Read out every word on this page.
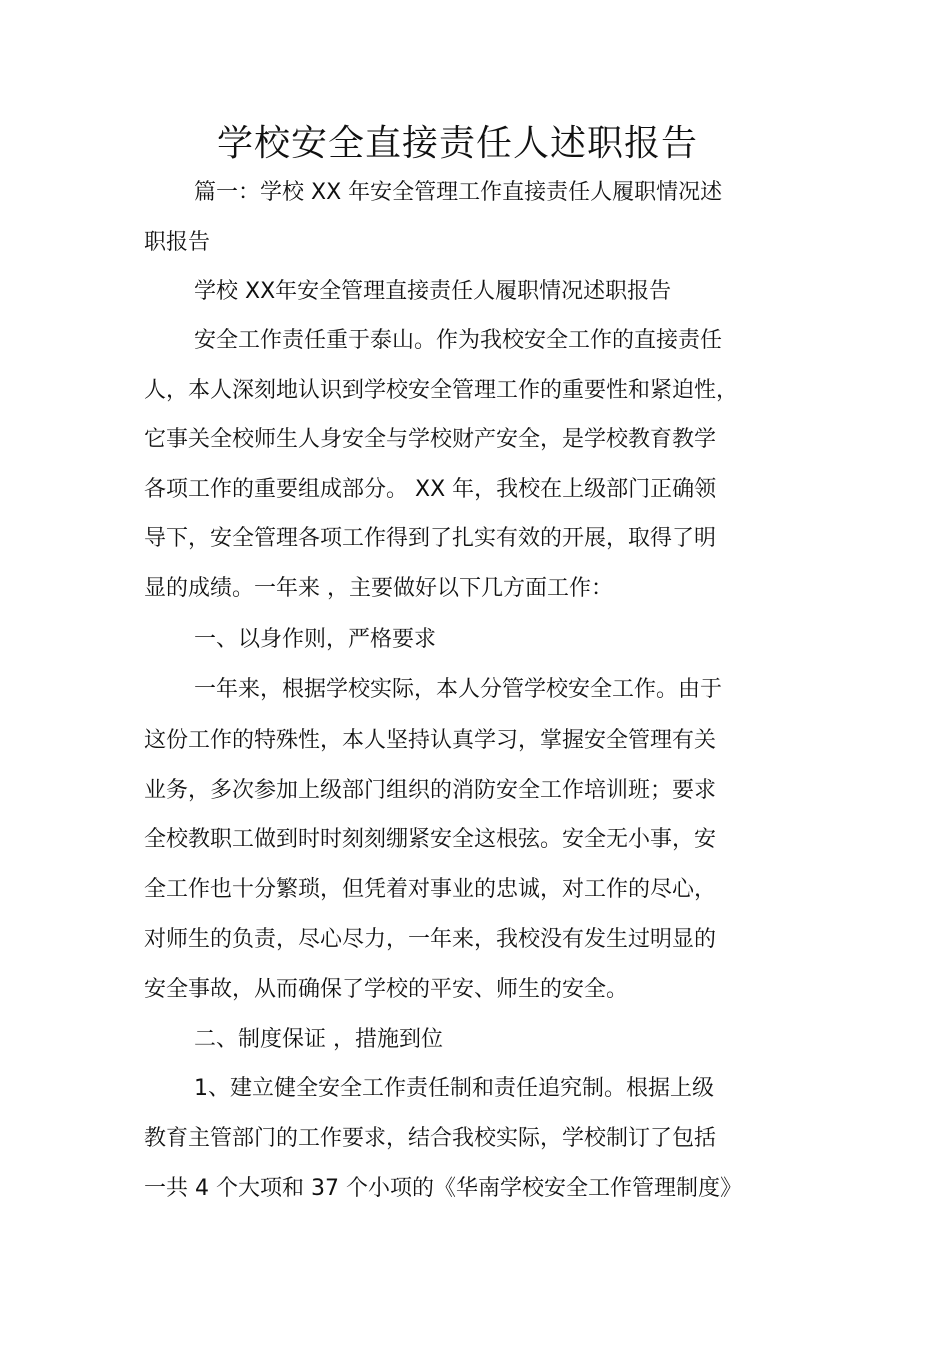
学校安全直接责任人述职报告
篇一：学校 XX 年安全管理工作直接责任人履职情况述
职报告
学校 XX年安全管理直接责任人履职情况述职报告
安全工作责任重于泰山。作为我校安全工作的直接责任
人，本人深刻地认识到学校安全管理工作的重要性和紧迫性，
它事关全校师生人身安全与学校财产安全，是学校教育教学
各项工作的重要组成部分。 XX 年，我校在上级部门正确领
导下，安全管理各项工作得到了扎实有效的开展，取得了明
显的成绩。一年来 ，主要做好以下几方面工作：
一、以身作则，严格要求
一年来，根据学校实际，本人分管学校安全工作。由于
这份工作的特殊性，本人坚持认真学习，掌握安全管理有关
业务，多次参加上级部门组织的消防安全工作培训班；要求
全校教职工做到时时刻刻绷紧安全这根弦。安全无小事，安
全工作也十分繁琐，但凭着对事业的忠诚，对工作的尽心，
对师生的负责，尽心尽力，一年来，我校没有发生过明显的
安全事故，从而确保了学校的平安、师生的安全。
二、制度保证 ，措施到位
1、建立健全安全工作责任制和责任追究制。根据上级
教育主管部门的工作要求，结合我校实际，学校制订了包括
一共 4 个大项和 37 个小项的《华南学校安全工作管理制度》
